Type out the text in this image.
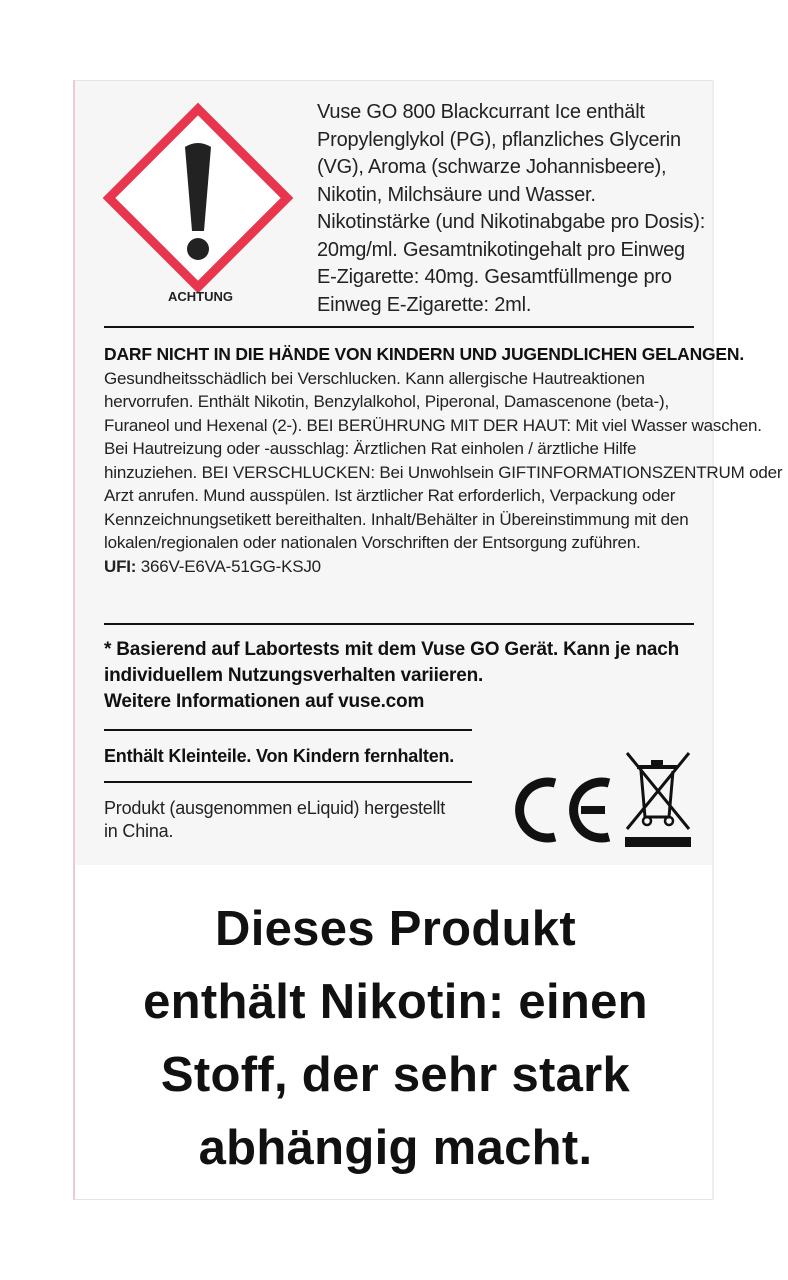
ACHTUNG
Vuse GO 800 Blackcurrant Ice enthält
Propylenglykol (PG), pflanzliches Glycerin
(VG), Aroma (schwarze Johannisbeere),
Nikotin, Milchsäure und Wasser.
Nikotinstärke (und Nikotinabgabe pro Dosis):
20mg/ml. Gesamtnikotingehalt pro Einweg
E-Zigarette: 40mg. Gesamtfüllmenge pro
Einweg E-Zigarette: 2ml.
DARF NICHT IN DIE HÄNDE VON KINDERN UND JUGENDLICHEN GELANGEN.
Gesundheitsschädlich bei Verschlucken. Kann allergische Hautreaktionen
hervorrufen. Enthält Nikotin, Benzylalkohol, Piperonal, Damascenone (beta-),
Furaneol und Hexenal (2-). BEI BERÜHRUNG MIT DER HAUT: Mit viel Wasser waschen.
Bei Hautreizung oder -ausschlag: Ärztlichen Rat einholen / ärztliche Hilfe
hinzuziehen. BEI VERSCHLUCKEN: Bei Unwohlsein GIFTINFORMATIONSZENTRUM oder
Arzt anrufen. Mund ausspülen. Ist ärztlicher Rat erforderlich, Verpackung oder
Kennzeichnungsetikett bereithalten. Inhalt/Behälter in Übereinstimmung mit den
lokalen/regionalen oder nationalen Vorschriften der Entsorgung zuführen.
UFI: 366V-E6VA-51GG-KSJ0
* Basierend auf Labortests mit dem Vuse GO Gerät. Kann je nach
individuellem Nutzungsverhalten variieren.
Weitere Informationen auf vuse.com
Enthält Kleinteile. Von Kindern fernhalten.
Produkt (ausgenommen eLiquid) hergestellt
in China.
Dieses Produkt
enthält Nikotin: einen
Stoff, der sehr stark
abhängig macht.
